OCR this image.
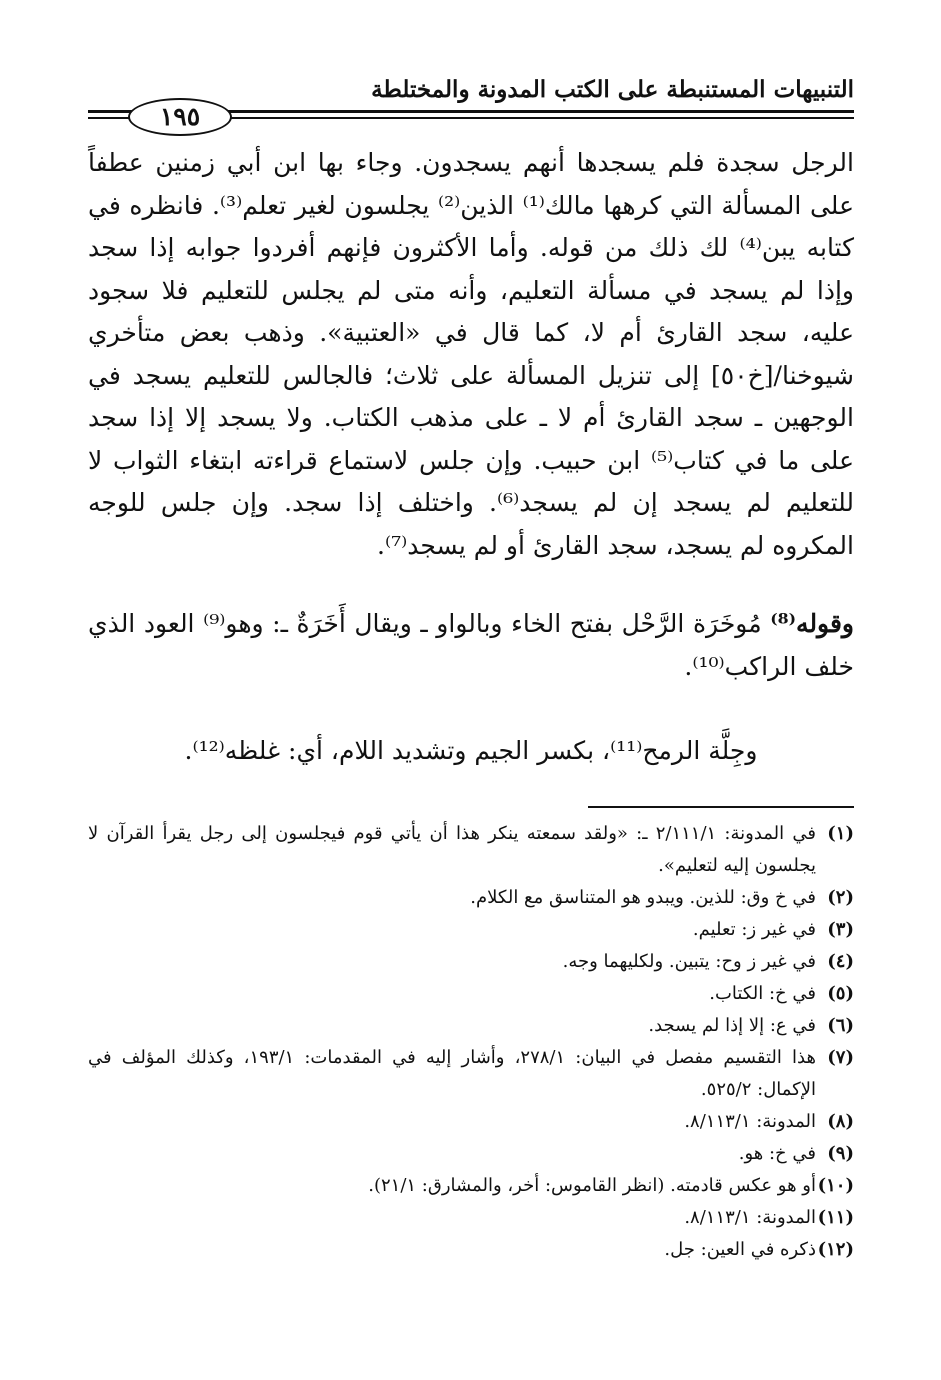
التنبيهات المستنبطة على الكتب المدونة والمختلطة
١٩٥

الرجل سجدة فلم يسجدها أنهم يسجدون. وجاء بها ابن أبي زمنين عطفاً على المسألة التي كرهها مالك⁽¹⁾ الذين⁽²⁾ يجلسون لغير تعلم⁽³⁾. فانظره في كتابه يبن⁽⁴⁾ لك ذلك من قوله. وأما الأكثرون فإنهم أفردوا جوابه إذا سجد وإذا لم يسجد في مسألة التعليم، وأنه متى لم يجلس للتعليم فلا سجود عليه، سجد القارئ أم لا، كما قال في «العتبية». وذهب بعض متأخري شيوخنا/[خ٥٠] إلى تنزيل المسألة على ثلاث؛ فالجالس للتعليم يسجد في الوجهين ـ سجد القارئ أم لا ـ على مذهب الكتاب. ولا يسجد إلا إذا سجد على ما في كتاب⁽⁵⁾ ابن حبيب. وإن جلس لاستماع قراءته ابتغاء الثواب لا للتعليم لم يسجد إن لم يسجد⁽⁶⁾. واختلف إذا سجد. وإن جلس للوجه المكروه لم يسجد، سجد القارئ أو لم يسجد⁽⁷⁾.

وقوله⁽⁸⁾ مُوخَرَة الرَّحْل بفتح الخاء وبالواو ـ ويقال أَخَرَةٌ ـ: وهو⁽⁹⁾ العود الذي خلف الراكب⁽¹⁰⁾.

وجِلَّة الرمح⁽¹¹⁾، بكسر الجيم وتشديد اللام، أي: غلظه⁽¹²⁾.

(١)
في المدونة: ٢/١١١/١ ـ: «ولقد سمعته ينكر هذا أن يأتي قوم فيجلسون إلى رجل يقرأ القرآن لا يجلسون إليه لتعليم».
(٢)
في خ وق: للذين. ويبدو هو المتناسق مع الكلام.
(٣)
في غير ز: تعليم.
(٤)
في غير ز وح: يتبين. ولكليهما وجه.
(٥)
في خ: الكتاب.
(٦)
في ع: إلا إذا لم يسجد.
(٧)
هذا التقسيم مفصل في البيان: ٢٧٨/١، وأشار إليه في المقدمات: ١٩٣/١، وكذلك المؤلف في الإكمال: ٥٢٥/٢.
(٨)
المدونة: ٨/١١٣/١.
(٩)
في خ: هو.
(١٠)
أو هو عكس قادمته. (انظر القاموس: أخر، والمشارق: ٢١/١).
(١١)
المدونة: ٨/١١٣/١.
(١٢)
ذكره في العين: جل.
